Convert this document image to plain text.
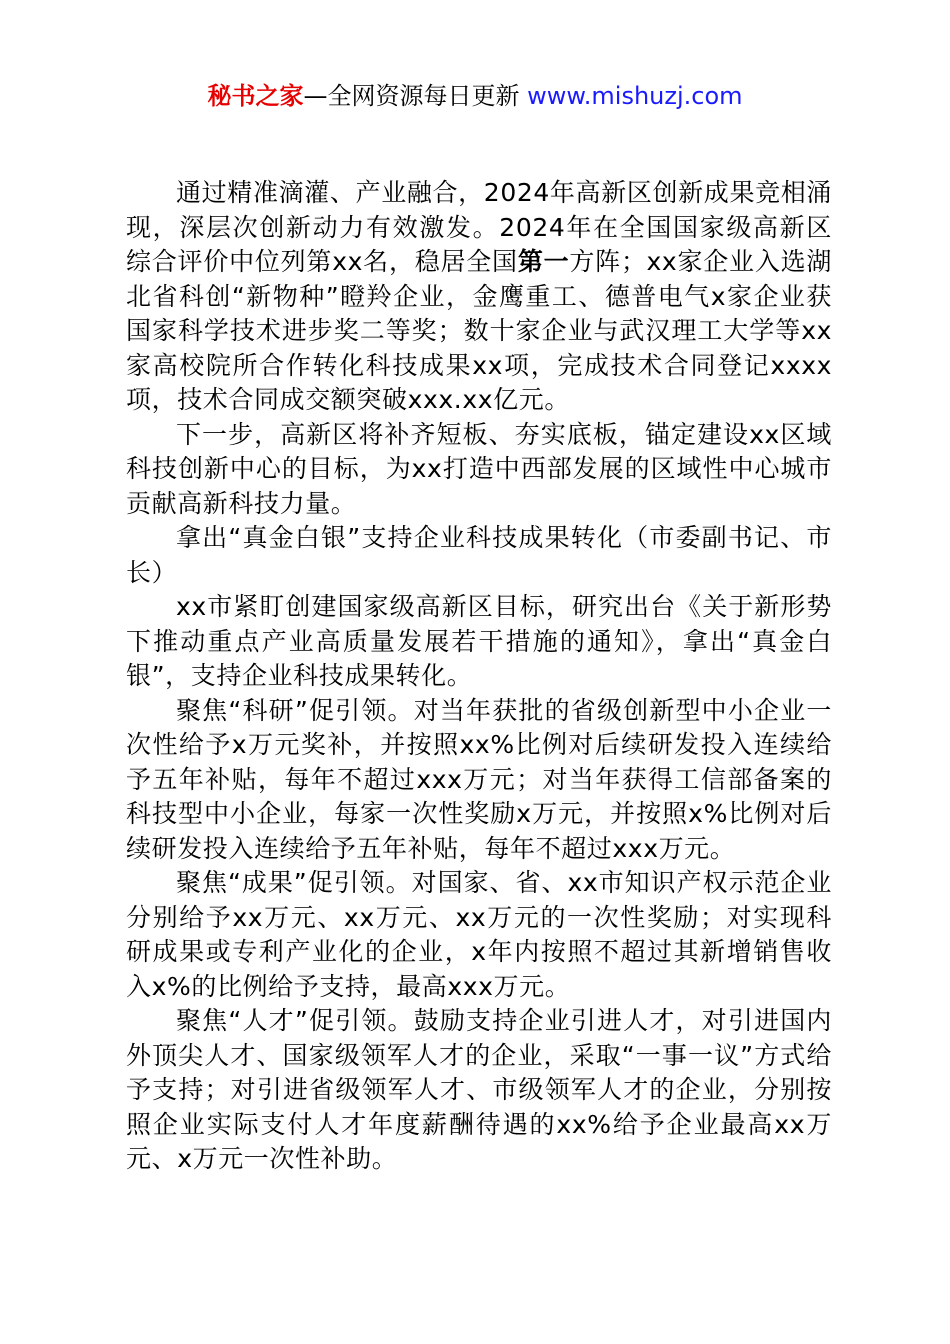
秘书之家—全网资源每日更新 www.mishuzj.com

通过精准滴灌、产业融合，2024年高新区创新成果竞相涌现，深层次创新动力有效激发。2024年在全国国家级高新区综合评价中位列第xx名，稳居全国第一方阵；xx家企业入选湖北省科创“新物种”瞪羚企业，金鹰重工、德普电气x家企业获国家科学技术进步奖二等奖；数十家企业与武汉理工大学等xx家高校院所合作转化科技成果xx项，完成技术合同登记xxxx项，技术合同成交额突破xxx.xx亿元。

下一步，高新区将补齐短板、夯实底板，锚定建设xx区域科技创新中心的目标，为xx打造中西部发展的区域性中心城市贡献高新科技力量。

拿出“真金白银”支持企业科技成果转化（市委副书记、市长）

xx市紧盯创建国家级高新区目标，研究出台《关于新形势下推动重点产业高质量发展若干措施的通知》，拿出“真金白银”，支持企业科技成果转化。

聚焦“科研”促引领。对当年获批的省级创新型中小企业一次性给予x万元奖补，并按照xx%比例对后续研发投入连续给予五年补贴，每年不超过xxx万元；对当年获得工信部备案的科技型中小企业，每家一次性奖励x万元，并按照x%比例对后续研发投入连续给予五年补贴，每年不超过xxx万元。

聚焦“成果”促引领。对国家、省、xx市知识产权示范企业分别给予xx万元、xx万元、xx万元的一次性奖励；对实现科研成果或专利产业化的企业，x年内按照不超过其新增销售收入x%的比例给予支持，最高xxx万元。

聚焦“人才”促引领。鼓励支持企业引进人才，对引进国内外顶尖人才、国家级领军人才的企业，采取“一事一议”方式给予支持；对引进省级领军人才、市级领军人才的企业，分别按照企业实际支付人才年度薪酬待遇的xx%给予企业最高xx万元、x万元一次性补助。
